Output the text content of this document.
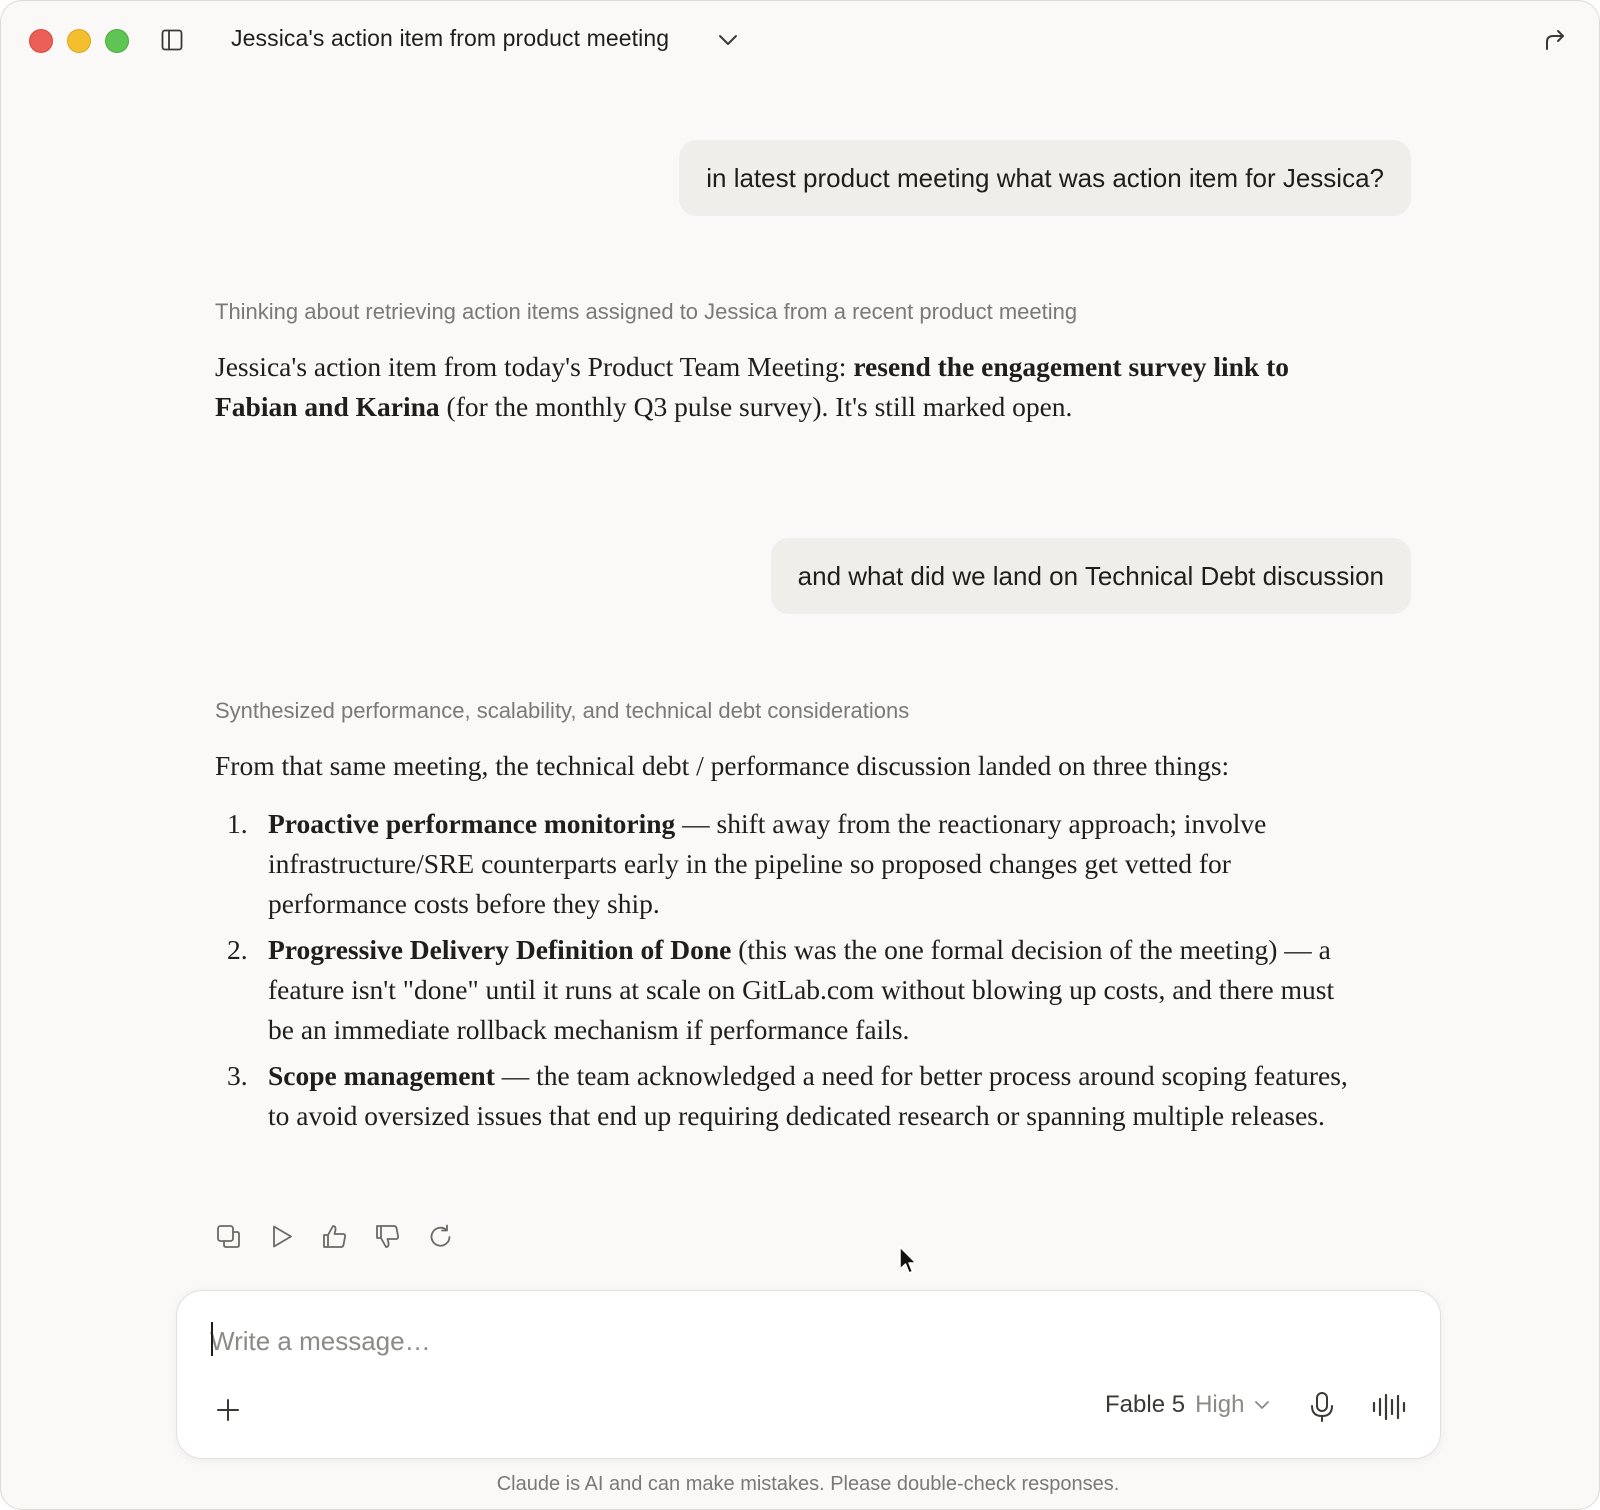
Jessica's action item from product meeting
in latest product meeting what was action item for Jessica?
Thinking about retrieving action items assigned to Jessica from a recent product meeting
Jessica's action item from today's Product Team Meeting: resend the engagement survey link to Fabian and Karina (for the monthly Q3 pulse survey). It's still marked open.
and what did we land on Technical Debt discussion
Synthesized performance, scalability, and technical debt considerations
From that same meeting, the technical debt / performance discussion landed on three things:
1. Proactive performance monitoring — shift away from the reactionary approach; involve infrastructure/SRE counterparts early in the pipeline so proposed changes get vetted for performance costs before they ship.
2. Progressive Delivery Definition of Done (this was the one formal decision of the meeting) — a feature isn't "done" until it runs at scale on GitLab.com without blowing up costs, and there must be an immediate rollback mechanism if performance fails.
3. Scope management — the team acknowledged a need for better process around scoping features, to avoid oversized issues that end up requiring dedicated research or spanning multiple releases.
Write a message…
Fable 5 High
Claude is AI and can make mistakes. Please double-check responses.
